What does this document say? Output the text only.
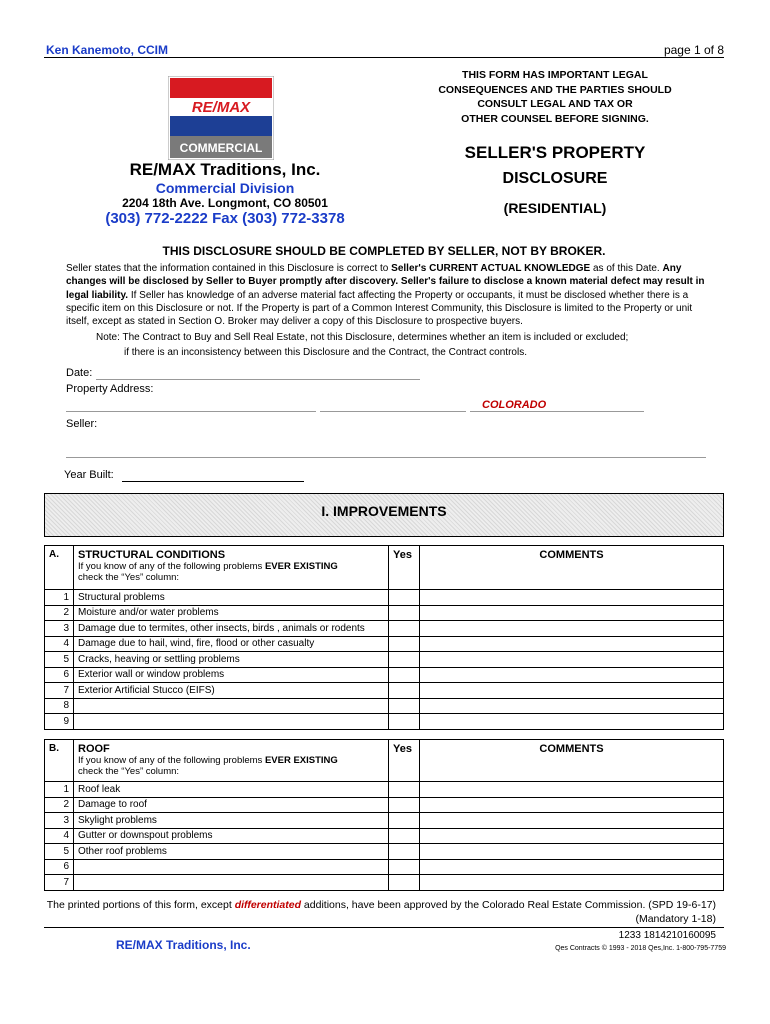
Ken Kanemoto, CCIM	page 1 of 8
THIS FORM HAS IMPORTANT LEGAL
CONSEQUENCES AND THE PARTIES SHOULD
CONSULT LEGAL AND TAX OR
OTHER COUNSEL BEFORE SIGNING.
RE/MAX
COMMERCIAL
RE/MAX Traditions, Inc.
Commercial Division
2204 18th Ave. Longmont, CO 80501
(303) 772-2222 Fax (303) 772-3378
SELLER'S PROPERTY
DISCLOSURE
(RESIDENTIAL)
THIS DISCLOSURE SHOULD BE COMPLETED BY SELLER, NOT BY BROKER.
Seller states that the information contained in this Disclosure is correct to Seller's CURRENT ACTUAL KNOWLEDGE as of this Date. Any changes will be disclosed by Seller to Buyer promptly after discovery. Seller's failure to disclose a known material defect may result in legal liability. If Seller has knowledge of an adverse material fact affecting the Property or occupants, it must be disclosed whether there is a specific item on this Disclosure or not. If the Property is part of a Common Interest Community, this Disclosure is limited to the Property or unit itself, except as stated in Section O. Broker may deliver a copy of this Disclosure to prospective buyers.
Note: The Contract to Buy and Sell Real Estate, not this Disclosure, determines whether an item is included or excluded;
if there is an inconsistency between this Disclosure and the Contract, the Contract controls.
Date:
Property Address:
COLORADO
Seller:
Year Built:
I. IMPROVEMENTS
A.	STRUCTURAL CONDITIONS
If you know of any of the following problems EVER EXISTING
check the “Yes” column:	Yes	COMMENTS
1	Structural problems		
2	Moisture and/or water problems		
3	Damage due to termites, other insects, birds , animals or rodents		
4	Damage due to hail, wind, fire, flood or other casualty		
5	Cracks, heaving or settling problems		
6	Exterior wall or window problems		
7	Exterior Artificial Stucco (EIFS)		
8			
9			
B.	ROOF
If you know of any of the following problems EVER EXISTING
check the “Yes” column:	Yes	COMMENTS
1	Roof leak		
2	Damage to roof		
3	Skylight problems		
4	Gutter or downspout problems		
5	Other roof problems		
6			
7			
The printed portions of this form, except differentiated additions, have been approved by the Colorado Real Estate Commission. (SPD 19-6-17)
(Mandatory 1-18)
RE/MAX Traditions, Inc.
1233 1814210160095
Qes Contracts © 1993 - 2018 Qes,Inc. 1-800-795-7759
